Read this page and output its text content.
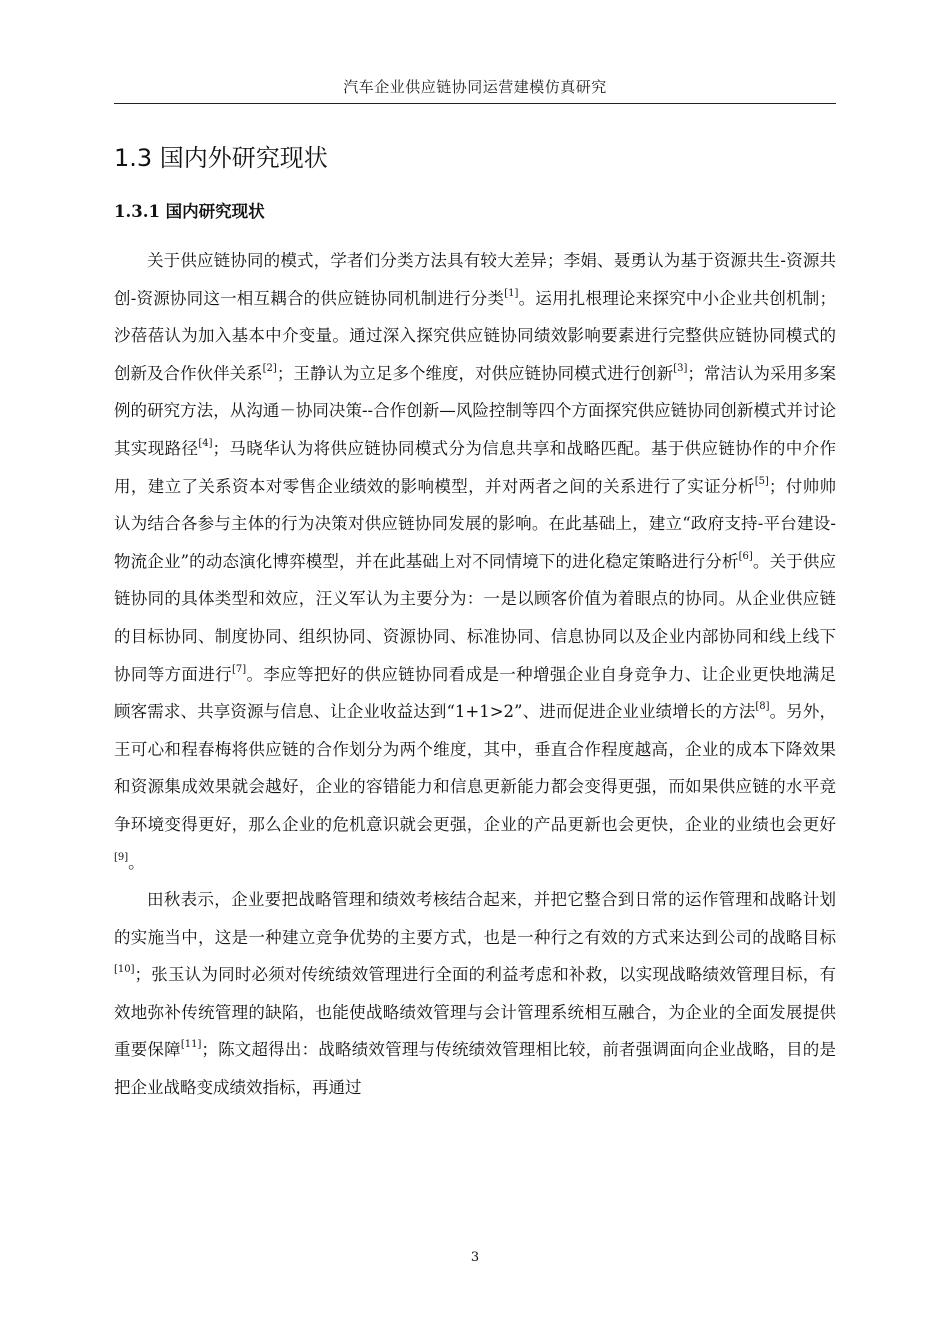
汽车企业供应链协同运营建模仿真研究
1.3 国内外研究现状
1.3.1 国内研究现状

关于供应链协同的模式，学者们分类方法具有较大差异；李娟、聂勇认为基于资源共生-资源共创-资源协同这一相互耦合的供应链协同机制进行分类[1]。运用扎根理论来探究中小企业共创机制；沙蓓蓓认为加入基本中介变量。通过深入探究供应链协同绩效影响要素进行完整供应链协同模式的创新及合作伙伴关系[2]；王静认为立足多个维度，对供应链协同模式进行创新[3]；常洁认为采用多案例的研究方法，从沟通－协同决策--合作创新—风险控制等四个方面探究供应链协同创新模式并讨论其实现路径[4]；马晓华认为将供应链协同模式分为信息共享和战略匹配。基于供应链协作的中介作用，建立了关系资本对零售企业绩效的影响模型，并对两者之间的关系进行了实证分析[5]；付帅帅认为结合各参与主体的行为决策对供应链协同发展的影响。在此基础上，建立“政府支持-平台建设-物流企业”的动态演化博弈模型，并在此基础上对不同情境下的进化稳定策略进行分析[6]。关于供应链协同的具体类型和效应，汪义军认为主要分为：一是以顾客价值为着眼点的协同。从企业供应链的目标协同、制度协同、组织协同、资源协同、标准协同、信息协同以及企业内部协同和线上线下协同等方面进行[7]。李应等把好的供应链协同看成是一种增强企业自身竞争力、让企业更快地满足顾客需求、共享资源与信息、让企业收益达到“1+1>2”、进而促进企业业绩增长的方法[8]。另外，王可心和程春梅将供应链的合作划分为两个维度，其中，垂直合作程度越高，企业的成本下降效果和资源集成效果就会越好，企业的容错能力和信息更新能力都会变得更强，而如果供应链的水平竞争环境变得更好，那么企业的危机意识就会更强，企业的产品更新也会更快，企业的业绩也会更好[9]。

田秋表示，企业要把战略管理和绩效考核结合起来，并把它整合到日常的运作管理和战略计划的实施当中，这是一种建立竞争优势的主要方式，也是一种行之有效的方式来达到公司的战略目标[10]；张玉认为同时必须对传统绩效管理进行全面的利益考虑和补救，以实现战略绩效管理目标，有效地弥补传统管理的缺陷，也能使战略绩效管理与会计管理系统相互融合，为企业的全面发展提供重要保障[11]；陈文超得出：战略绩效管理与传统绩效管理相比较，前者强调面向企业战略，目的是把企业战略变成绩效指标，再通过

3
